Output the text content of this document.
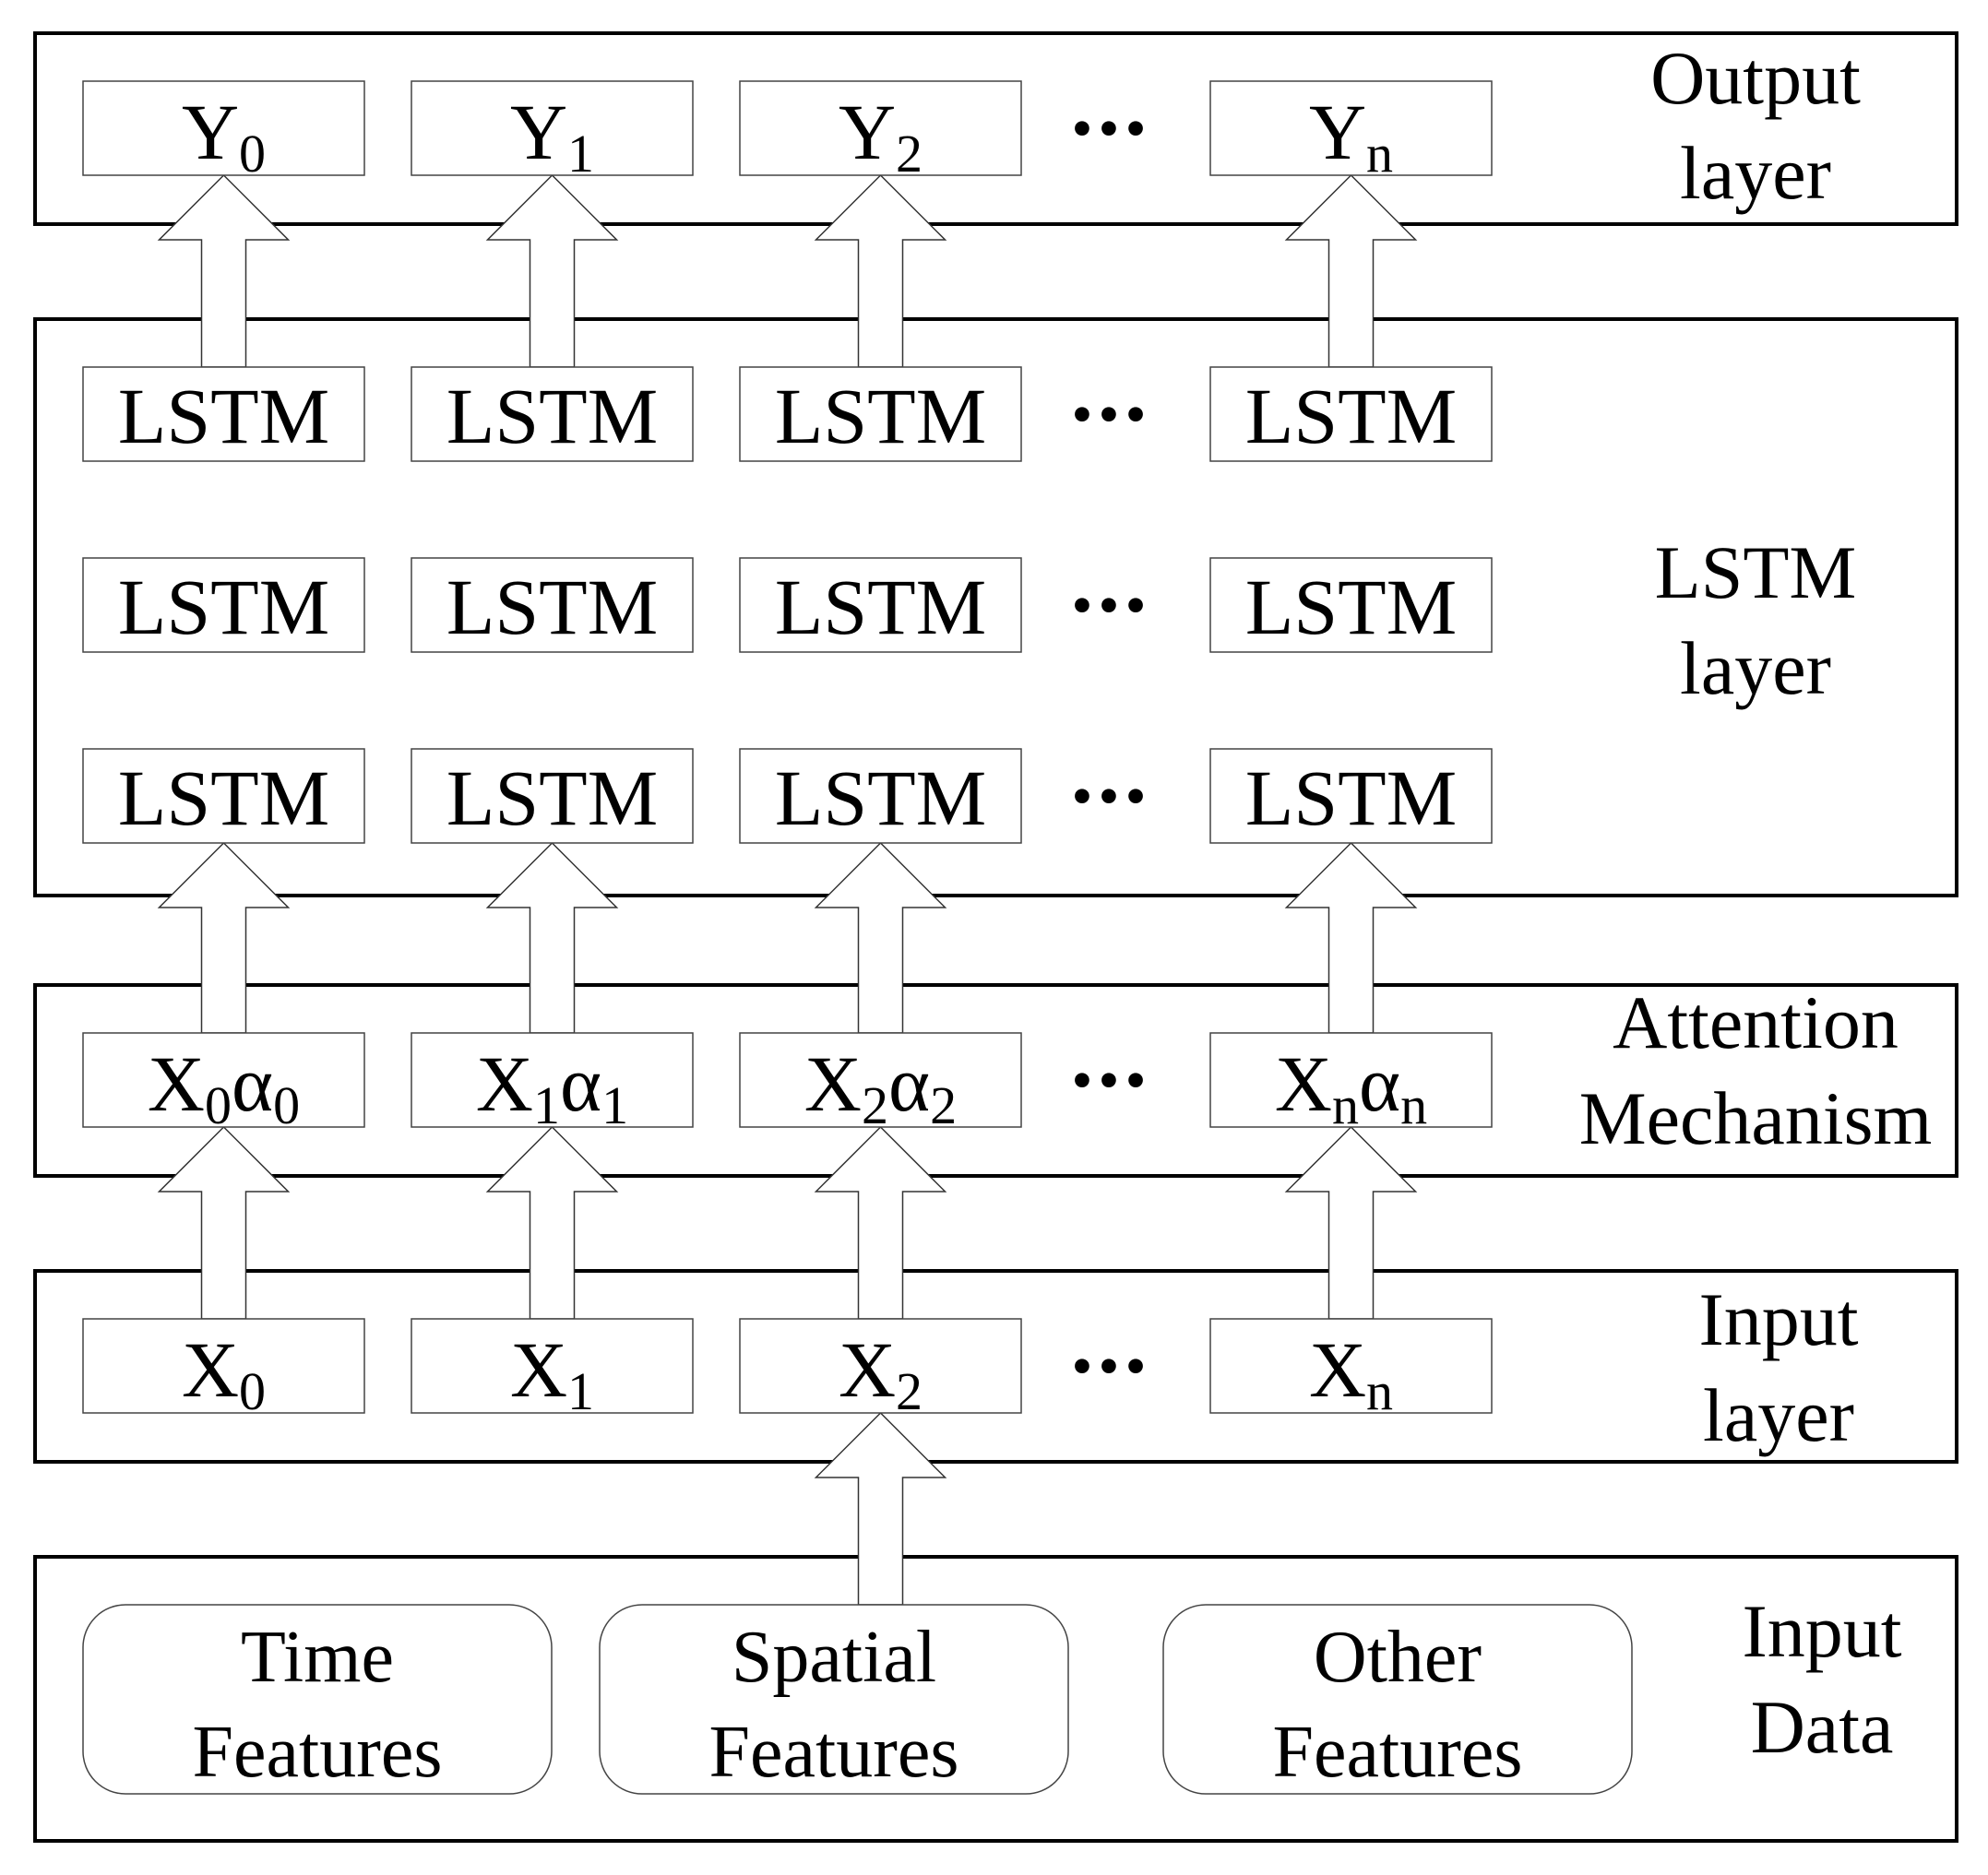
Y0	Y1	Y2	Yn
LSTM LSTM LSTM	LSTM
LSTM LSTM LSTM	LSTM
LSTM LSTM LSTM	LSTM
X0α0 X1α1 X2α2	Xnαn
X0	X1	X2	Xn
•••
•••
•••
•••
•••
•••
Time
Features
Spatial
Features
Other
Features
Output
layer
LSTM
layer
Attention
Mechanism
Input
layer
Input
Data
